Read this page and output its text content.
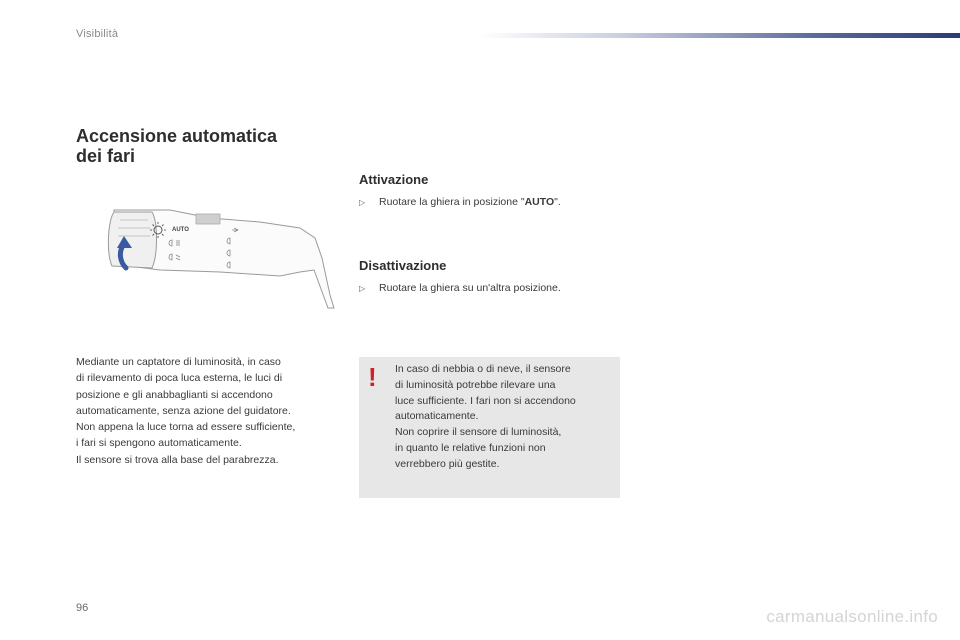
Visibilità
Accensione automatica
dei fari
AUTO

Mediante un captatore di luminosità, in caso

di rilevamento di poca luca esterna, le luci di

posizione e gli anabbaglianti si accendono

automaticamente, senza azione del guidatore.

Non appena la luce torna ad essere sufficiente,

i fari si spengono automaticamente.

Il sensore si trova alla base del parabrezza.

Attivazione
▷	Ruotare la ghiera in posizione "AUTO".
Disattivazione
▷	Ruotare la ghiera su un'altra posizione.
! In caso di nebbia o di neve, il sensore

di luminosità potrebbe rilevare una

luce sufficiente. I fari non si accendono

automaticamente.

Non coprire il sensore di luminosità,

in quanto le relative funzioni non

verrebbero più gestite.

96	carmanualsonline.info
